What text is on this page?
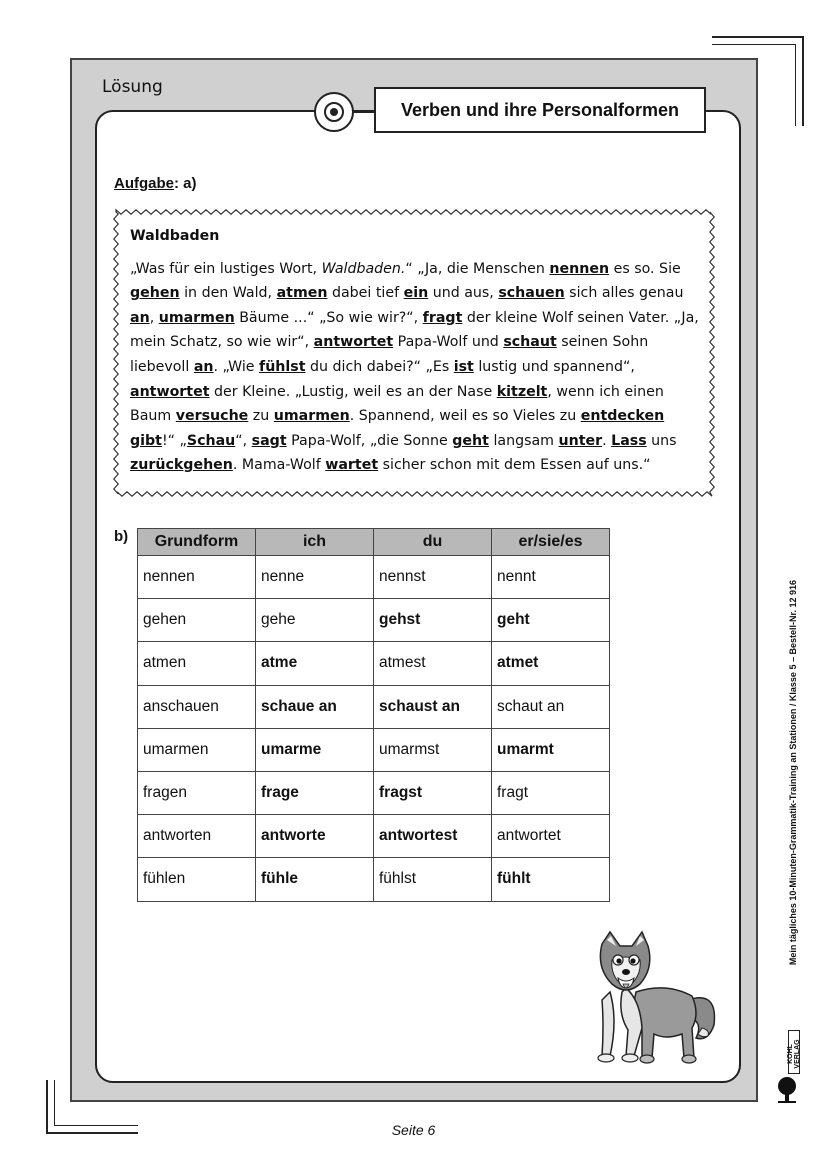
Lösung
Verben und ihre Personalformen
Aufgabe: a)
Waldbaden
„Was für ein lustiges Wort, Waldbaden.“ „Ja, die Menschen nennen es so. Sie gehen in den Wald, atmen dabei tief ein und aus, schauen sich alles genau an, umarmen Bäume ...“ „So wie wir?“, fragt der kleine Wolf seinen Vater. „Ja, mein Schatz, so wie wir“, antwortet Papa-Wolf und schaut seinen Sohn liebevoll an. „Wie fühlst du dich dabei?“ „Es ist lustig und spannend“, antwortet der Kleine. „Lustig, weil es an der Nase kitzelt, wenn ich einen Baum versuche zu umarmen. Spannend, weil es so Vieles zu entdecken gibt!“ „Schau“, sagt Papa-Wolf, „die Sonne geht langsam unter. Lass uns zurückgehen. Mama-Wolf wartet sicher schon mit dem Essen auf uns.“
b) Grundform	ich	du	er/sie/es
nennen	nenne	nennst	nennt
gehen	gehe	gehst	geht
atmen	atme	atmest	atmet
anschauen	schaue an	schaust an	schaut an
umarmen	umarme	umarmst	umarmt
fragen	frage	fragst	fragt
antworten	antworte	antwortest	antwortet
fühlen	fühle	fühlst	fühlt	Mein tägliches 10-Minuten-Grammatik-Training an Stationen / Klasse 5 – Bestell-Nr. 12 916
KOHL VERLAG
Seite 6
